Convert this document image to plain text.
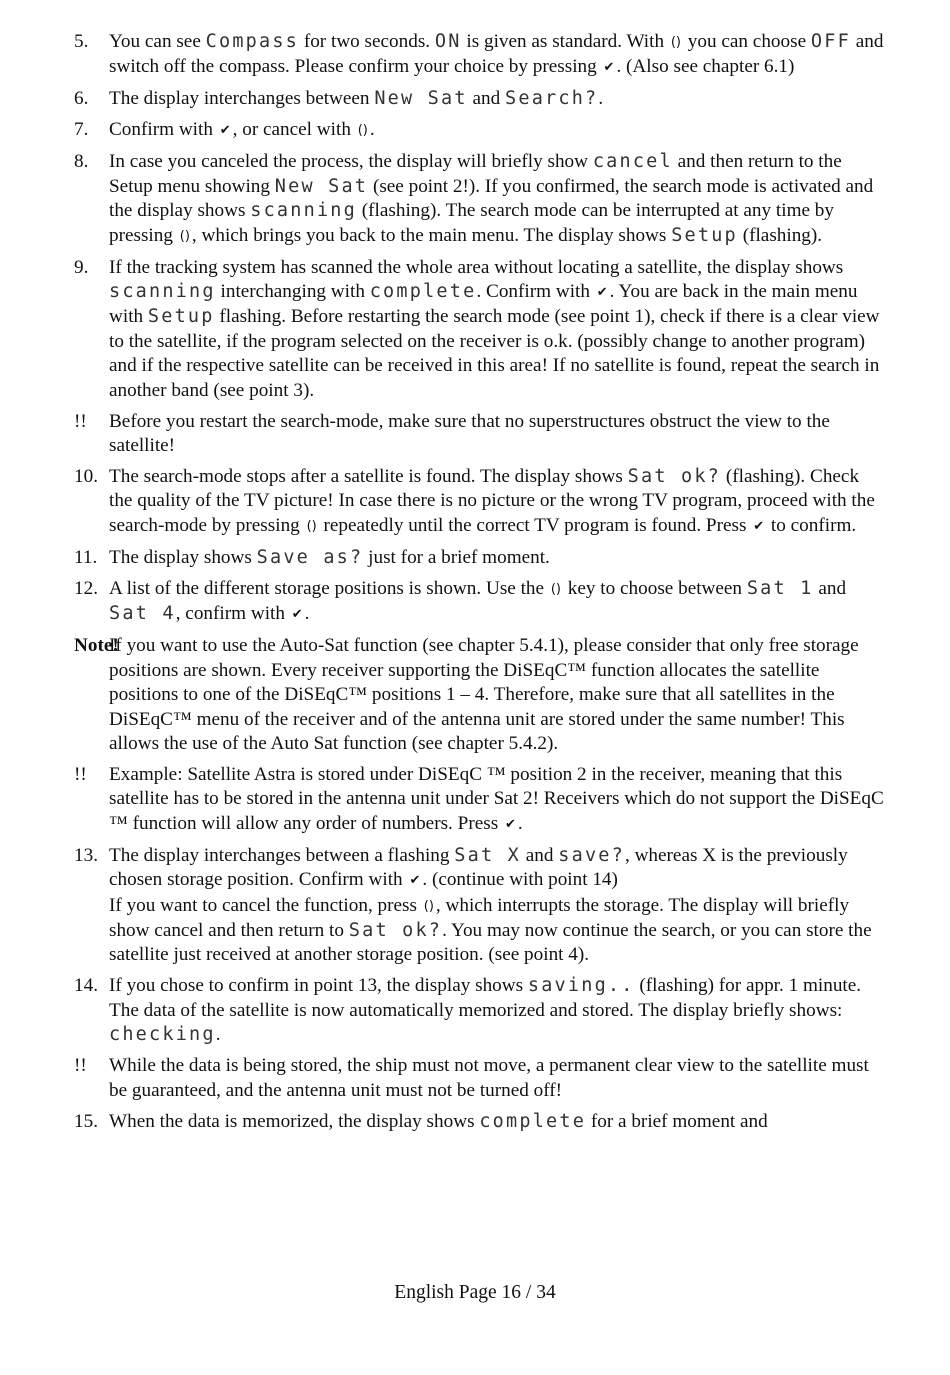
5. You can see Compass for two seconds. ON is given as standard. With () you can choose OFF and switch off the compass. Please confirm your choice by pressing ✔ . (Also see chapter 6.1)
6. The display interchanges between New Sat and Search?.
7. Confirm with ✔ , or cancel with () .
8. In case you canceled the process, the display will briefly show cancel and then return to the Setup menu showing New Sat (see point 2!). If you confirmed, the search mode is activated and the display shows scanning (flashing). The search mode can be interrupted at any time by pressing () , which brings you back to the main menu. The display shows Setup (flashing).
9. If the tracking system has scanned the whole area without locating a satellite, the display shows scanning interchanging with complete. Confirm with ✔ . You are back in the main menu with Setup flashing. Before restarting the search mode (see point 1), check if there is a clear view to the satellite, if the program selected on the receiver is o.k. (possibly change to another program) and if the respective satellite can be received in this area! If no satellite is found, repeat the search in another band (see point 3).
!! Before you restart the search-mode, make sure that no superstructures obstruct the view to the satellite!
10. The search-mode stops after a satellite is found. The display shows Sat ok? (flashing). Check the quality of the TV picture! In case there is no picture or the wrong TV program, proceed with the search-mode by pressing () repeatedly until the correct TV program is found. Press ✔ to confirm.
11. The display shows Save as? just for a brief moment.
12. A list of the different storage positions is shown. Use the () key to choose between Sat 1 and Sat 4, confirm with ✔ .
Note!
If you want to use the Auto-Sat function (see chapter 5.4.1), please consider that only free storage positions are shown. Every receiver supporting the DiSEqC™ function allocates the satellite positions to one of the DiSEqC™ positions 1 – 4. Therefore, make sure that all satellites in the DiSEqC™ menu of the receiver and of the antenna unit are stored under the same number! This allows the use of the Auto Sat function (see chapter 5.4.2).
!! Example: Satellite Astra is stored under DiSEqC ™ position 2 in the receiver, meaning that this satellite has to be stored in the antenna unit under Sat 2! Receivers which do not support the DiSEqC ™ function will allow any order of numbers. Press ✔ .
13. The display interchanges between a flashing Sat X and save?, whereas X is the previously chosen storage position. Confirm with ✔ . (continue with point 14)
If you want to cancel the function, press () , which interrupts the storage. The display will briefly show cancel and then return to Sat ok?. You may now continue the search, or you can store the satellite just received at another storage position. (see point 4).
14. If you chose to confirm in point 13, the display shows saving.. (flashing) for appr. 1 minute. The data of the satellite is now automatically memorized and stored. The display briefly shows: checking.
!! While the data is being stored, the ship must not move, a permanent clear view to the satellite must be guaranteed, and the antenna unit must not be turned off!
15. When the data is memorized, the display shows complete for a brief moment and
English Page 16 / 34
